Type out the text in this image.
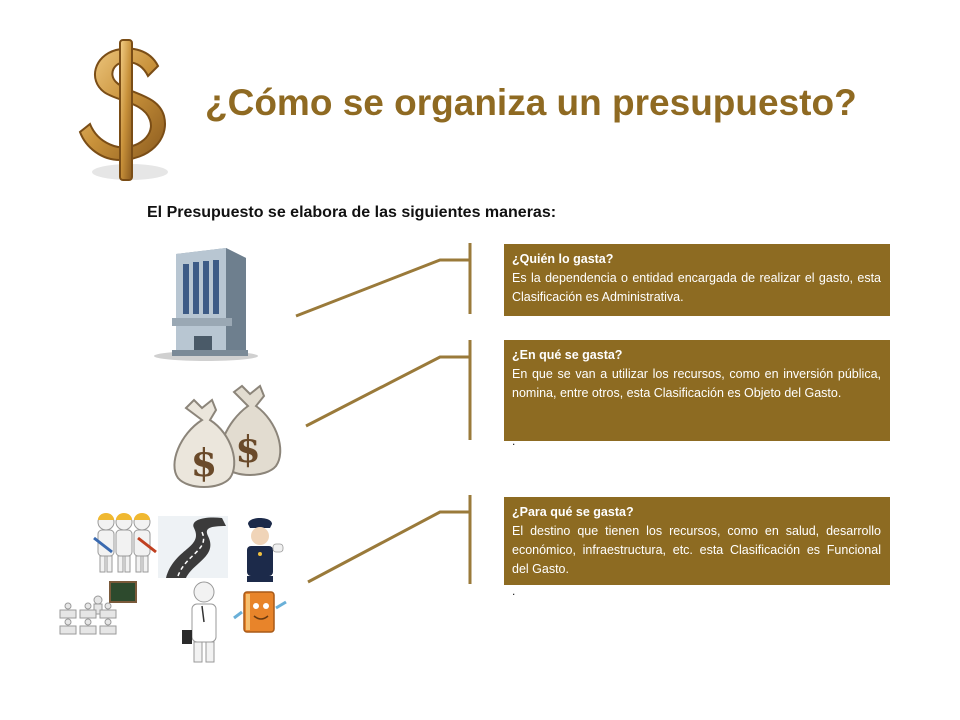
¿Cómo se organiza un presupuesto?
El Presupuesto se elabora de las siguientes maneras:
$
$
¿Quién lo gasta?
Es la dependencia o entidad encargada de realizar el gasto, esta Clasificación es Administrativa.
¿En qué se gasta?
En que se van a utilizar los recursos, como en inversión pública, nomina, entre otros, esta Clasificación es Objeto del Gasto.
¿Para qué se gasta?
El destino que tienen los recursos, como en salud, desarrollo económico, infraestructura, etc. esta Clasificación es Funcional del Gasto.
.
.
